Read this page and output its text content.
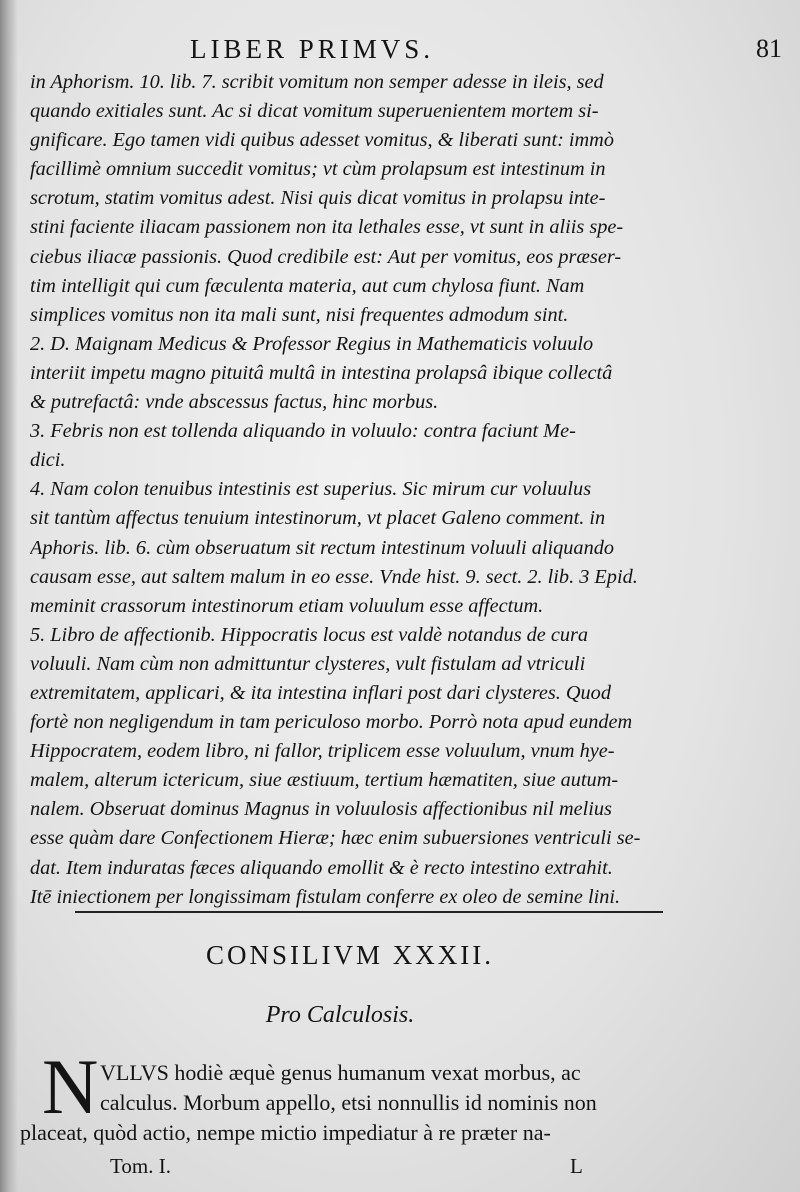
LIBER PRIMVS.	81
in Aphorism. 10. lib. 7. scribit vomitum non semper adesse in ileis, sed
quando exitiales sunt. Ac si dicat vomitum superuenientem mortem si-
gnificare. Ego tamen vidi quibus adesset vomitus, & liberati sunt: immò
facillimè omnium succedit vomitus; vt cùm prolapsum est intestinum in
scrotum, statim vomitus adest. Nisi quis dicat vomitus in prolapsu inte-
stini faciente iliacam passionem non ita lethales esse, vt sunt in aliis spe-
ciebus iliacæ passionis. Quod credibile est: Aut per vomitus, eos præser-
tim intelligit qui cum fæculenta materia, aut cum chylosa fiunt. Nam
simplices vomitus non ita mali sunt, nisi frequentes admodum sint.
2. D. Maignam Medicus & Professor Regius in Mathematicis voluulo
interiit impetu magno pituitâ multâ in intestina prolapsâ ibique collectâ
& putrefactâ: vnde abscessus factus, hinc morbus.
3. Febris non est tollenda aliquando in voluulo: contra faciunt Me-
dici.
4. Nam colon tenuibus intestinis est superius. Sic mirum cur voluulus
sit tantùm affectus tenuium intestinorum, vt placet Galeno comment. in
Aphoris. lib. 6. cùm obseruatum sit rectum intestinum voluuli aliquando
causam esse, aut saltem malum in eo esse. Vnde hist. 9. sect. 2. lib. 3 Epid.
meminit crassorum intestinorum etiam voluulum esse affectum.
5. Libro de affectionib. Hippocratis locus est valdè notandus de cura
voluuli. Nam cùm non admittuntur clysteres, vult fistulam ad vtriculi
extremitatem, applicari, & ita intestina inflari post dari clysteres. Quod
fortè non negligendum in tam periculoso morbo. Porrò nota apud eundem
Hippocratem, eodem libro, ni fallor, triplicem esse voluulum, vnum hye-
malem, alterum ictericum, siue æstiuum, tertium hæmatiten, siue autum-
nalem. Obseruat dominus Magnus in voluulosis affectionibus nil melius
esse quàm dare Confectionem Hieræ; hæc enim subuersiones ventriculi se-
dat. Item induratas fæces aliquando emollit & è recto intestino extrahit.
Itē iniectionem per longissimam fistulam conferre ex oleo de semine lini.
CONSILIVM XXXII.
Pro Calculosis.
N VLLVS hodiè æquè genus humanum vexat morbus, ac
calculus. Morbum appello, etsi nonnullis id nominis non
placeat, quòd actio, nempe mictio impediatur à re præter na-
Tom. I.	L
